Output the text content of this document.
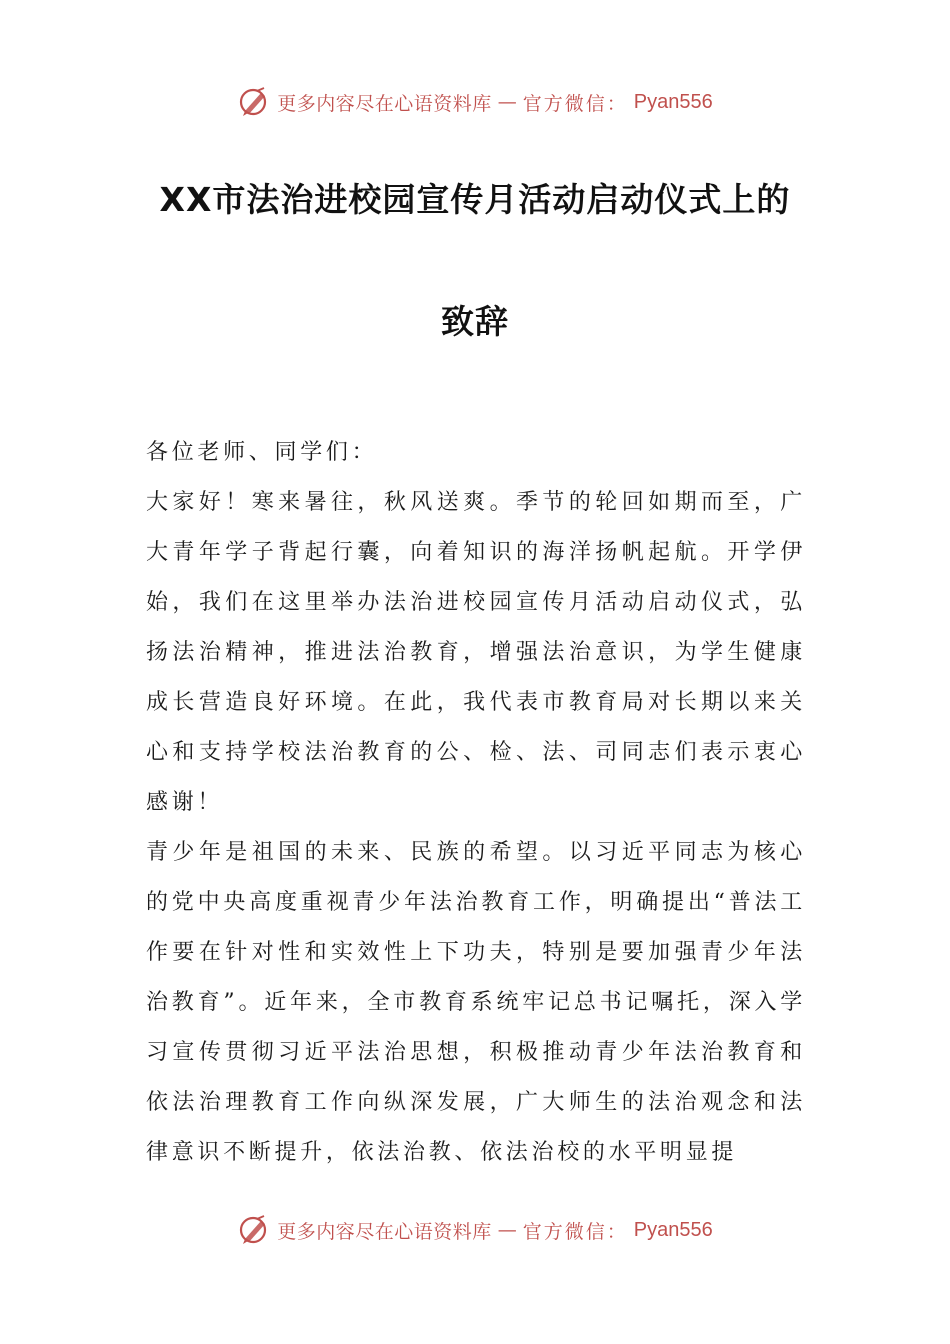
更多内容尽在心语资料库 — 官方微信： Pyan556
XX市法治进校园宣传月活动启动仪式上的
致辞

各位老师、同学们：

大家好！寒来暑往，秋风送爽。季节的轮回如期而至，广大青年学子背起行囊，向着知识的海洋扬帆起航。开学伊始，我们在这里举办法治进校园宣传月活动启动仪式，弘扬法治精神，推进法治教育，增强法治意识，为学生健康成长营造良好环境。在此，我代表市教育局对长期以来关心和支持学校法治教育的公、检、法、司同志们表示衷心感谢！

青少年是祖国的未来、民族的希望。以习近平同志为核心的党中央高度重视青少年法治教育工作，明确提出“普法工作要在针对性和实效性上下功夫，特别是要加强青少年法治教育”。近年来，全市教育系统牢记总书记嘱托，深入学习宣传贯彻习近平法治思想，积极推动青少年法治教育和依法治理教育工作向纵深发展，广大师生的法治观念和法律意识不断提升，依法治教、依法治校的水平明显提

更多内容尽在心语资料库 — 官方微信： Pyan556
